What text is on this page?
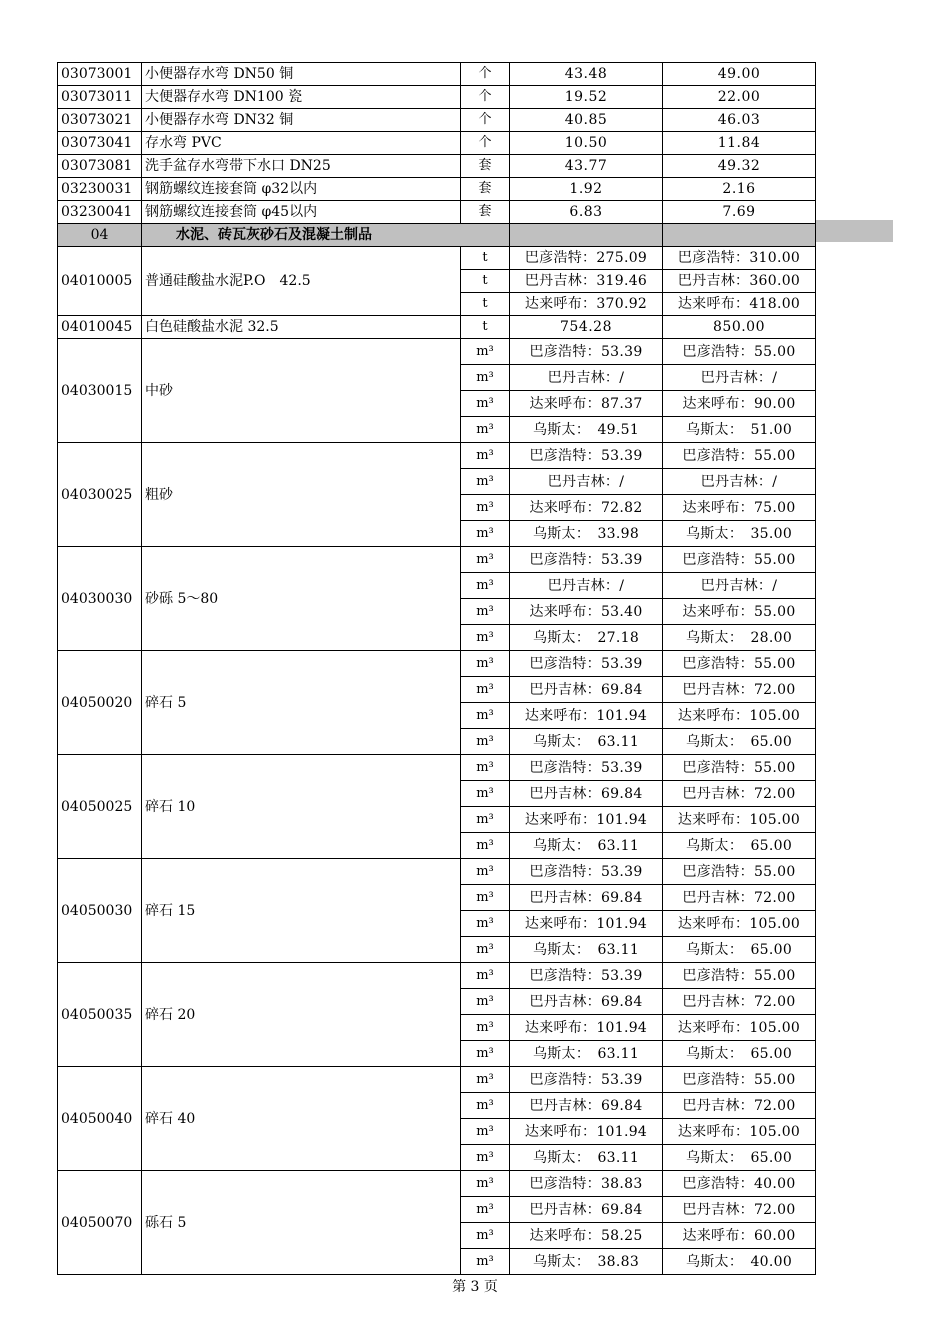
03073001	小便器存水弯 DN50 铜	个	43.48	49.00
03073011	大便器存水弯 DN100 瓷	个	19.52	22.00
03073021	小便器存水弯 DN32 铜	个	40.85	46.03
03073041	存水弯 PVC	个	10.50	11.84
03073081	洗手盆存水弯带下水口 DN25	套	43.77	49.32
03230031	钢筋螺纹连接套筒 φ32以内	套	1.92	2.16
03230041	钢筋螺纹连接套筒 φ45以内	套	6.83	7.69
04	水泥、砖瓦灰砂石及混凝土制品			
04010005	普通硅酸盐水泥P.O　42.5	t	巴彦浩特：275.09	巴彦浩特：310.00
		t	巴丹吉林：319.46	巴丹吉林：360.00
		t	达来呼布：370.92	达来呼布：418.00
04010045	白色硅酸盐水泥 32.5	t	754.28	850.00
04030015	中砂	m³	巴彦浩特：53.39	巴彦浩特：55.00
		m³	巴丹吉林：/	巴丹吉林：/
		m³	达来呼布：87.37	达来呼布：90.00
		m³	乌斯太：　49.51	乌斯太：　51.00
04030025	粗砂	m³	巴彦浩特：53.39	巴彦浩特：55.00
		m³	巴丹吉林：/	巴丹吉林：/
		m³	达来呼布：72.82	达来呼布：75.00
		m³	乌斯太：　33.98	乌斯太：　35.00
04030030	砂砾 5～80	m³	巴彦浩特：53.39	巴彦浩特：55.00
		m³	巴丹吉林：/	巴丹吉林：/
		m³	达来呼布：53.40	达来呼布：55.00
		m³	乌斯太：　27.18	乌斯太：　28.00
04050020	碎石 5	m³	巴彦浩特：53.39	巴彦浩特：55.00
		m³	巴丹吉林：69.84	巴丹吉林：72.00
		m³	达来呼布：101.94	达来呼布：105.00
		m³	乌斯太：　63.11	乌斯太：　65.00
04050025	碎石 10	m³	巴彦浩特：53.39	巴彦浩特：55.00
		m³	巴丹吉林：69.84	巴丹吉林：72.00
		m³	达来呼布：101.94	达来呼布：105.00
		m³	乌斯太：　63.11	乌斯太：　65.00
04050030	碎石 15	m³	巴彦浩特：53.39	巴彦浩特：55.00
		m³	巴丹吉林：69.84	巴丹吉林：72.00
		m³	达来呼布：101.94	达来呼布：105.00
		m³	乌斯太：　63.11	乌斯太：　65.00
04050035	碎石 20	m³	巴彦浩特：53.39	巴彦浩特：55.00
		m³	巴丹吉林：69.84	巴丹吉林：72.00
		m³	达来呼布：101.94	达来呼布：105.00
		m³	乌斯太：　63.11	乌斯太：　65.00
04050040	碎石 40	m³	巴彦浩特：53.39	巴彦浩特：55.00
		m³	巴丹吉林：69.84	巴丹吉林：72.00
		m³	达来呼布：101.94	达来呼布：105.00
		m³	乌斯太：　63.11	乌斯太：　65.00
04050070	砾石 5	m³	巴彦浩特：38.83	巴彦浩特：40.00
		m³	巴丹吉林：69.84	巴丹吉林：72.00
		m³	达来呼布：58.25	达来呼布：60.00
		m³	乌斯太：　38.83	乌斯太：　40.00
第 3 页
